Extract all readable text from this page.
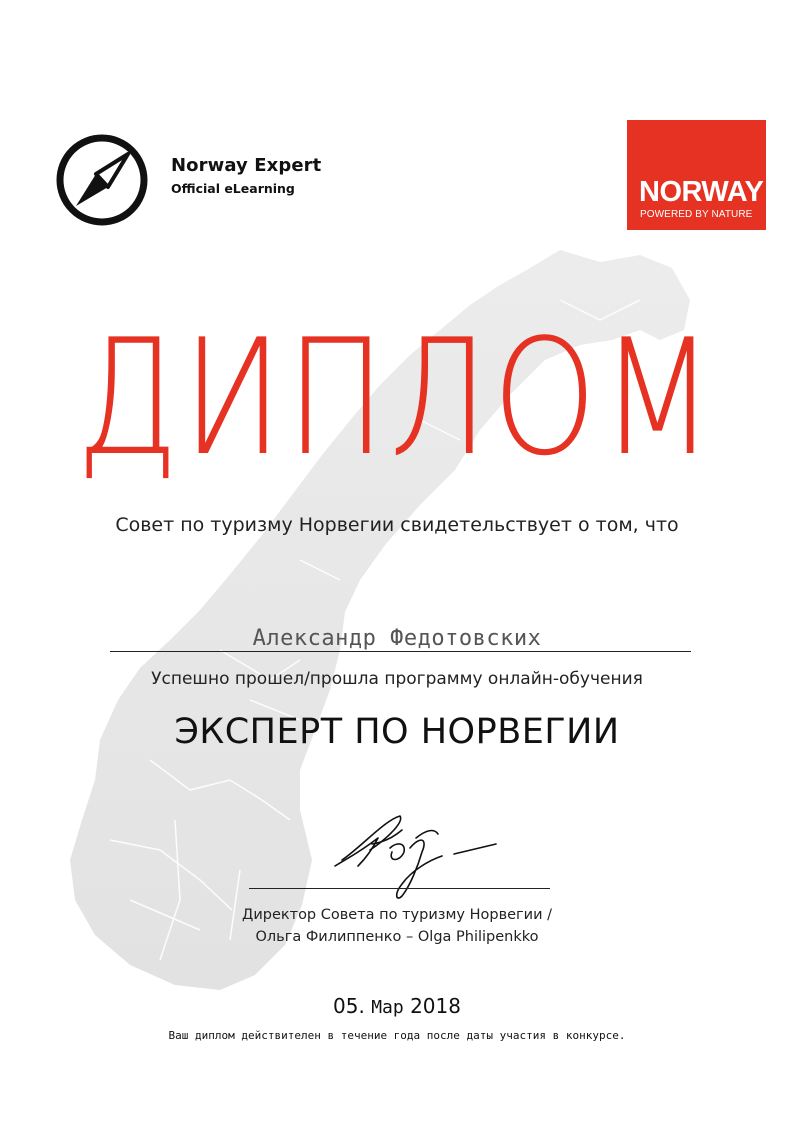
Norway Expert
Official eLearning	NORWAY
POWERED BY NATURE
ДИПЛОМ
Совет по туризму Норвегии свидетельствует о том, что
Александр Федотовских
Успешно прошел/прошла программу онлайн-обучения
ЭКСПЕРТ ПО НОРВЕГИИ
Директор Совета по туризму Норвегии /
Ольга Филиппенко – Olga Philipenkko
05. Мар 2018
Ваш диплом действителен в течение года после даты участия в конкурсе.
